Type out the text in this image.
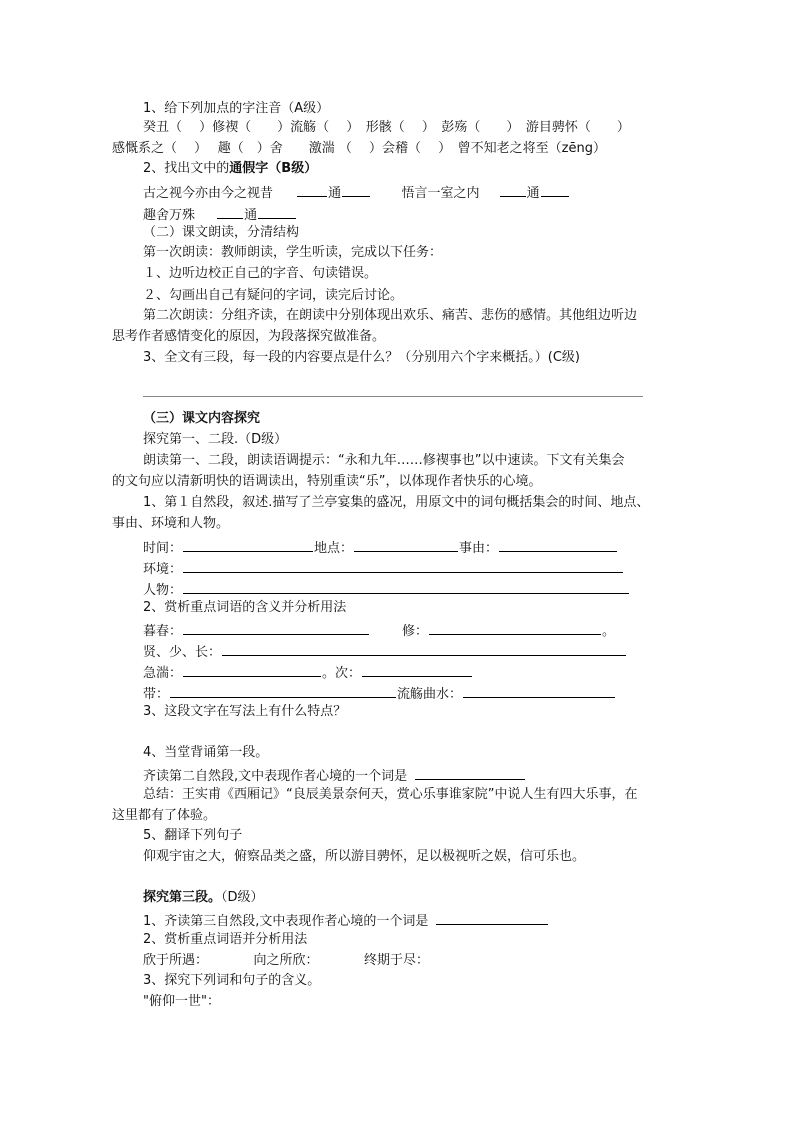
1、给下列加点的字注音（A级）
癸丑（　 ）修禊（　　）流觞（　 ）　形骸（　 ）　彭殇（　　）　游目骋怀（　　）
感慨系之（　 ）　 趣（　）舍　　激湍 （　 ）会稽（　 ）　曾不知老之将至（zēng）
2、找出文中的通假字（B级）
古之视今亦由今之视昔	通	悟言一室之内	通
趣舍万殊	通
（二）课文朗读，分清结构
第一次朗读：教师朗读，学生听读，完成以下任务：
１、边听边校正自己的字音、句读错误。
２、勾画出自己有疑问的字词，读完后讨论。
第二次朗读：分组齐读，在朗读中分别体现出欢乐、痛苦、悲伤的感情。其他组边听边
思考作者感情变化的原因，为段落探究做准备。
3、全文有三段，每一段的内容要点是什么？（分别用六个字来概括。）(C级)
（三）课文内容探究
探究第一、二段.（D级）
朗读第一、二段，朗读语调提示：“永和九年……修禊事也”以中速读。下文有关集会
的文句应以清新明快的语调读出，特别重读“乐”，以体现作者快乐的心境。
1、第１自然段，叙述.描写了兰亭宴集的盛况，用原文中的词句概括集会的时间、地点、
事由、环境和人物。
时间：	地点：	事由：
环境：
人物：
2、赏析重点词语的含义并分析用法
暮春：	修：	。
贤、少、长：
急湍：	。次：
带：	流觞曲水：
3、这段文字在写法上有什么特点？
4、当堂背诵第一段。
齐读第二自然段,文中表现作者心境的一个词是
总结：王实甫《西厢记》“良辰美景奈何天，赏心乐事谁家院”中说人生有四大乐事，在
这里都有了体验。
5、翻译下列句子
仰观宇宙之大，俯察品类之盛，所以游目骋怀，足以极视听之娱，信可乐也。
探究第三段。（D级）
1、齐读第三自然段,文中表现作者心境的一个词是
2、赏析重点词语并分析用法
欣于所遇：　　　　向之所欣：　　　　终期于尽：
3、探究下列词和句子的含义。
"俯仰一世"：
